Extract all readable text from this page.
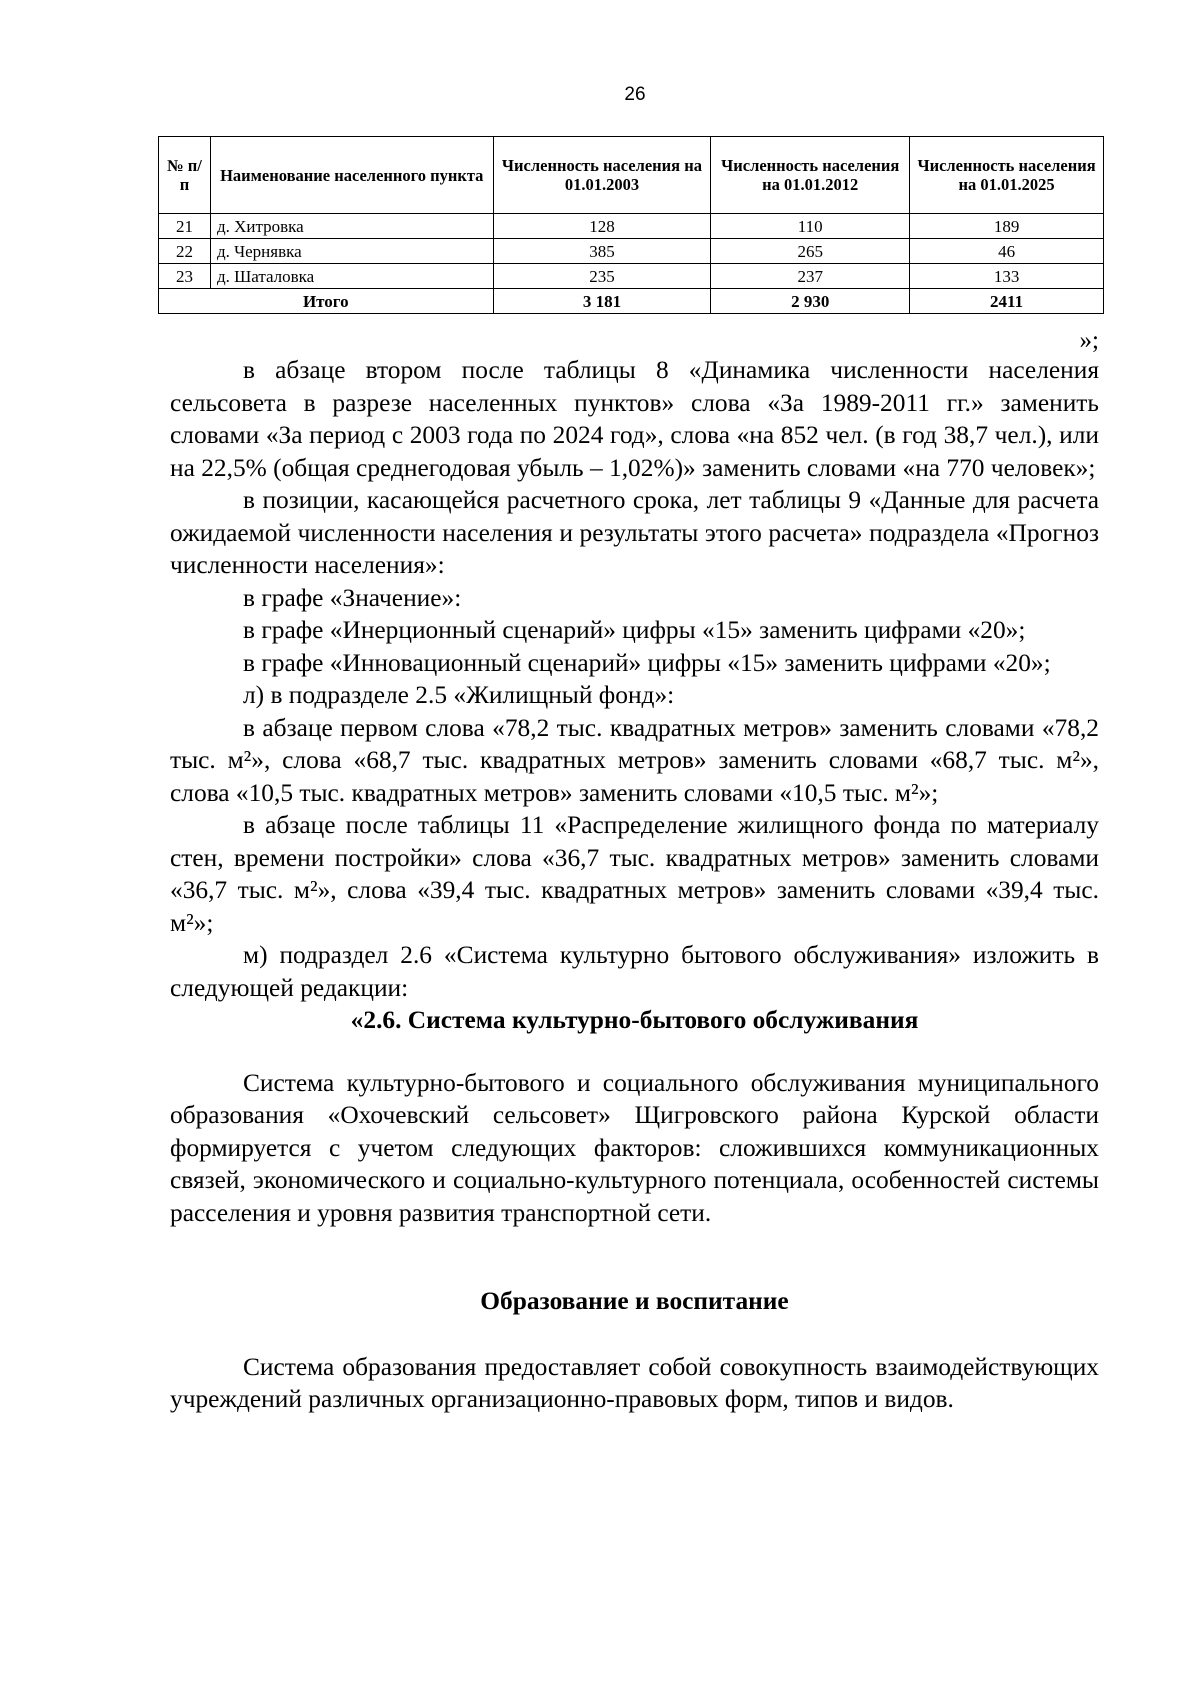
26
№ п/п	Наименование населенного пункта	Численность населения на 01.01.2003	Численность населения на 01.01.2012	Численность населения на 01.01.2025
21	д. Хитровка	128	110	189
22	д. Чернявка	385	265	46
23	д. Шаталовка	235	237	133
Итого		3 181	2 930	2411
»;

в абзаце втором после таблицы 8 «Динамика численности населения сельсовета в разрезе населенных пунктов» слова «За 1989-2011 гг.» заменить словами «За период с 2003 года по 2024 год», слова «на 852 чел. (в год 38,7 чел.), или на 22,5% (общая среднегодовая убыль – 1,02%)» заменить словами «на 770 человек»;

в позиции, касающейся расчетного срока, лет таблицы 9 «Данные для расчета ожидаемой численности населения и результаты этого расчета» подраздела «Прогноз численности населения»:

в графе «Значение»:

в графе «Инерционный сценарий» цифры «15» заменить цифрами «20»;

в графе «Инновационный сценарий» цифры «15» заменить цифрами «20»;

л) в подразделе 2.5 «Жилищный фонд»:

в абзаце первом слова «78,2 тыс. квадратных метров» заменить словами «78,2 тыс. м²», слова «68,7 тыс. квадратных метров» заменить словами «68,7 тыс. м²», слова «10,5 тыс. квадратных метров» заменить словами «10,5 тыс. м²»;

в абзаце после таблицы 11 «Распределение жилищного фонда по материалу стен, времени постройки» слова «36,7 тыс. квадратных метров» заменить словами «36,7 тыс. м²», слова «39,4 тыс. квадратных метров» заменить словами «39,4 тыс. м²»;

м) подраздел 2.6 «Система культурно бытового обслуживания» изложить в следующей редакции:

«2.6. Система культурно-бытового обслуживания

Система культурно-бытового и социального обслуживания муниципального образования «Охочевский сельсовет» Щигровского района Курской области формируется с учетом следующих факторов: сложившихся коммуникационных связей, экономического и социально-культурного потенциала, особенностей системы расселения и уровня развития транспортной сети.

Образование и воспитание

Система образования предоставляет собой совокупность взаимодействующих учреждений различных организационно-правовых форм, типов и видов.
